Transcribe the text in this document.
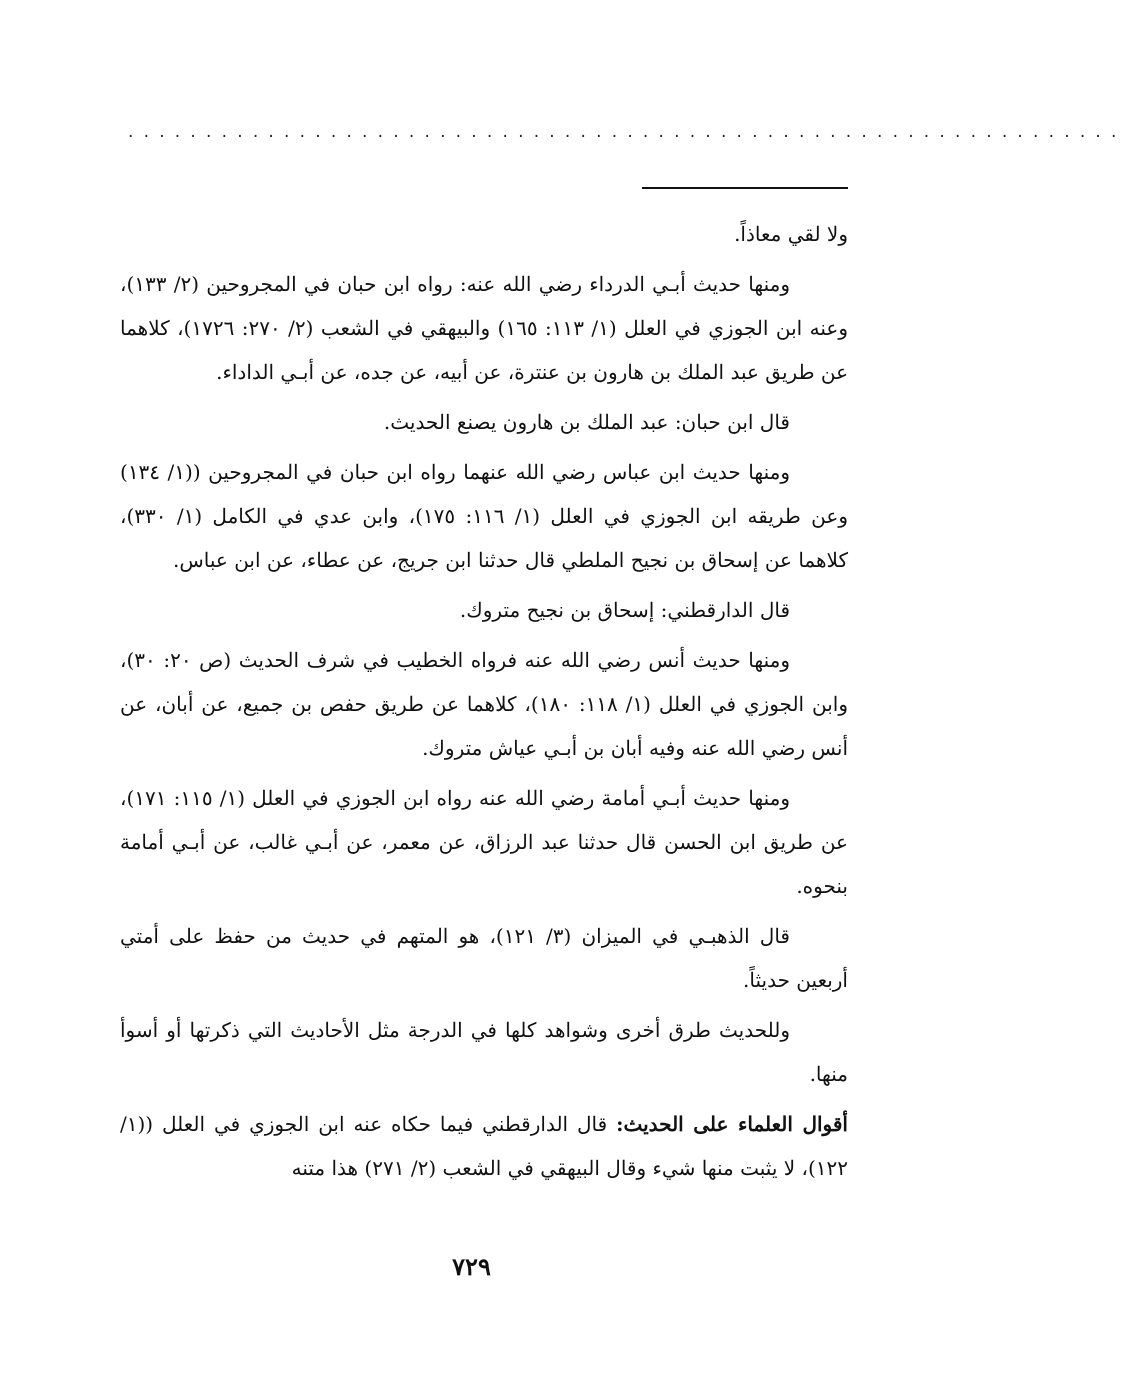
................................................................

ولا لقي معاذاً.

ومنها حديث أبـي الدرداء رضي الله عنه: رواه ابن حبان في المجروحين (٢/ ١٣٣)، وعنه ابن الجوزي في العلل (١/ ١١٣: ١٦٥) والبيهقي في الشعب (٢/ ٢٧٠: ١٧٢٦)، كلاهما عن طريق عبد الملك بن هارون بن عنترة، عن أبيه، عن جده، عن أبـي الداداء.

قال ابن حبان: عبد الملك بن هارون يصنع الحديث.

ومنها حديث ابن عباس رضي الله عنهما رواه ابن حبان في المجروحين ((١/ ١٣٤) وعن طريقه ابن الجوزي في العلل (١/ ١١٦: ١٧٥)، وابن عدي في الكامل (١/ ٣٣٠)، كلاهما عن إسحاق بن نجيح الملطي قال حدثنا ابن جريج، عن عطاء، عن ابن عباس.

قال الدارقطني: إسحاق بن نجيح متروك.

ومنها حديث أنس رضي الله عنه فرواه الخطيب في شرف الحديث (ص ٢٠: ٣٠)، وابن الجوزي في العلل (١/ ١١٨: ١٨٠)، كلاهما عن طريق حفص بن جميع، عن أبان، عن أنس رضي الله عنه وفيه أبان بن أبـي عياش متروك.

ومنها حديث أبـي أمامة رضي الله عنه رواه ابن الجوزي في العلل (١/ ١١٥: ١٧١)، عن طريق ابن الحسن قال حدثنا عبد الرزاق، عن معمر، عن أبـي غالب، عن أبـي أمامة بنحوه.

قال الذهبـي في الميزان (٣/ ١٢١)، هو المتهم في حديث من حفظ على أمتي أربعين حديثاً.

وللحديث طرق أخرى وشواهد كلها في الدرجة مثل الأحاديث التي ذكرتها أو أسوأ منها.

أقوال العلماء على الحديث: قال الدارقطني فيما حكاه عنه ابن الجوزي في العلل ((١/ ١٢٢)، لا يثبت منها شيء وقال البيهقي في الشعب (٢/ ٢٧١) هذا متنه

٧٢٩
